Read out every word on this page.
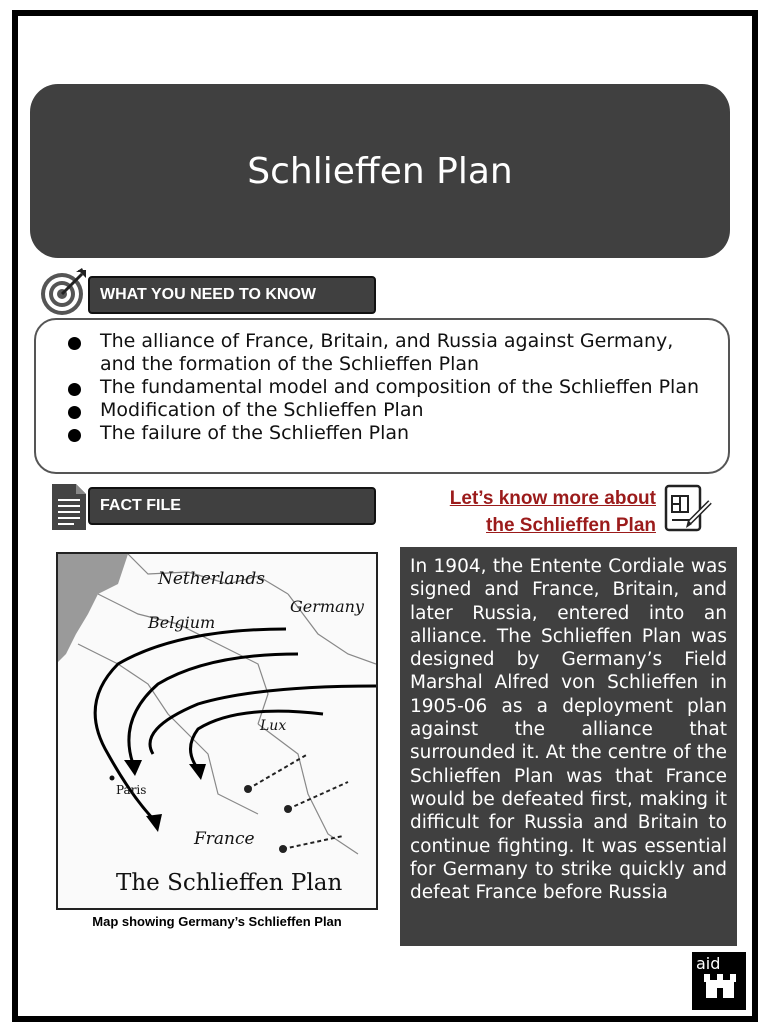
Schlieffen Plan
WHAT YOU NEED TO KNOW
The alliance of France, Britain, and Russia against Germany, and the formation of the Schlieffen Plan
The fundamental model and composition of the Schlieffen Plan
Modification of the Schlieffen Plan
The failure of the Schlieffen Plan
FACT FILE	Let’s know more about
the Schlieffen Plan
Netherlands
Germany
Belgium
Lux
Paris
France
The Schlieffen Plan
Map showing Germany’s Schlieffen Plan
In 1904, the Entente Cordiale was signed and France, Britain, and later Russia, entered into an alliance. The Schlieffen Plan was designed by Germany’s Field Marshal Alfred von Schlieffen in 1905-06 as a deployment plan against the alliance that surrounded it. At the centre of the Schlieffen Plan was that France would be defeated first, making it difficult for Russia and Britain to continue fighting. It was essential for Germany to strike quickly and defeat France before Russia
aid
